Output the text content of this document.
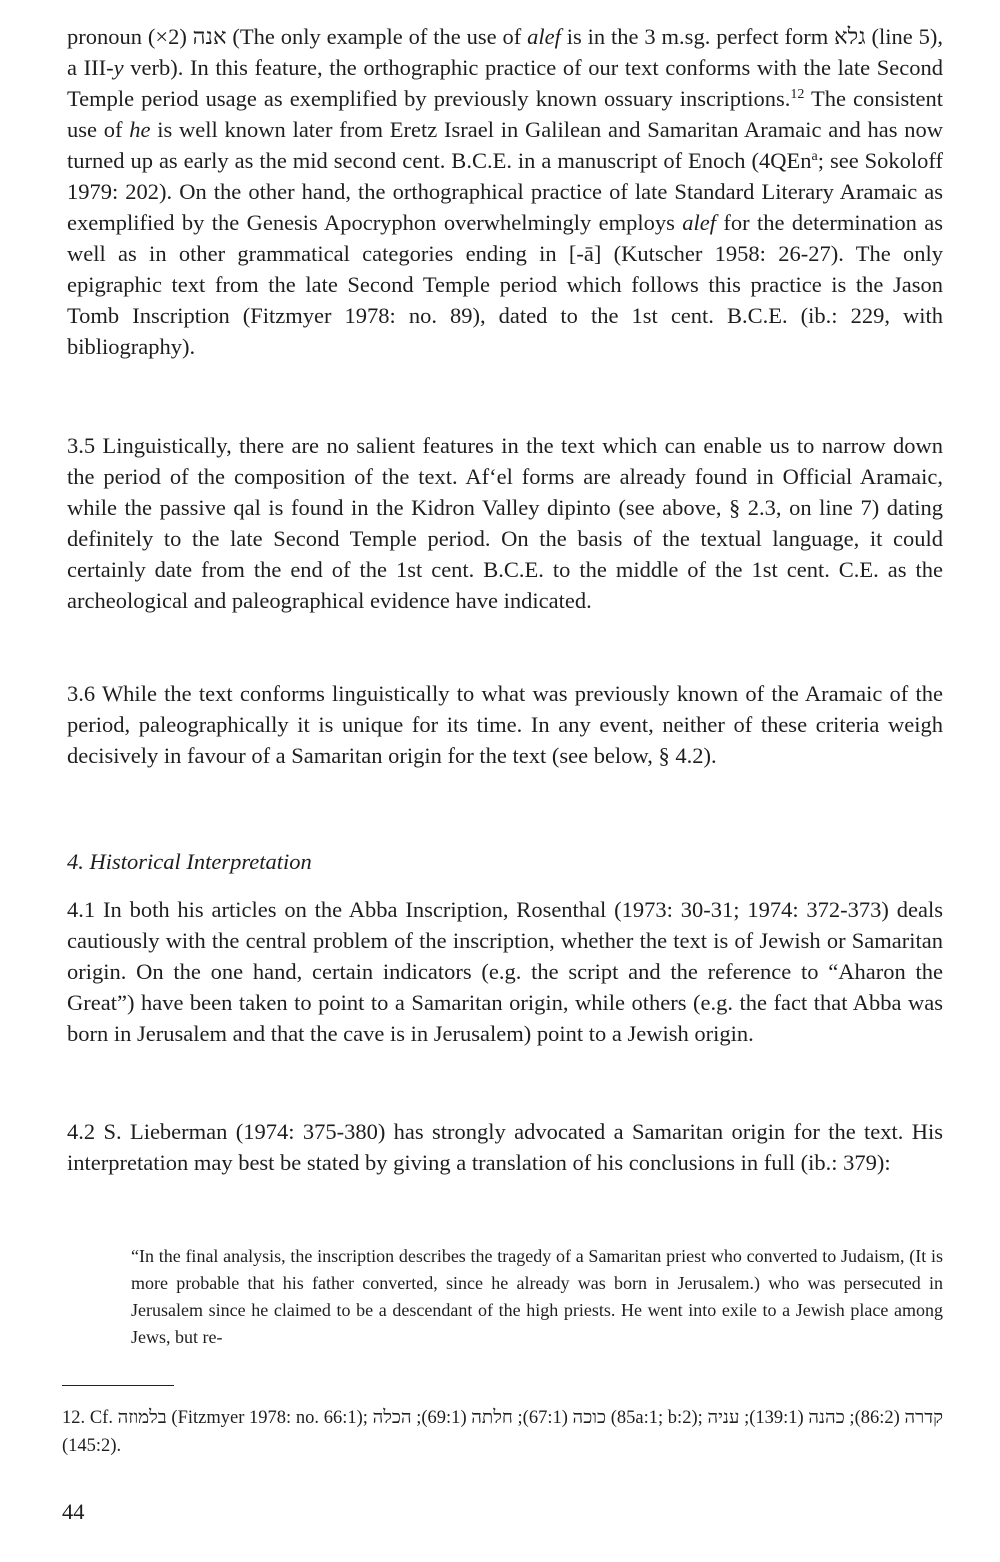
pronoun אנה (2×) (The only example of the use of alef is in the 3 m.sg. perfect form גלא (line 5), a III-y verb). In this feature, the orthographic practice of our text conforms with the late Second Temple period usage as exemplified by previously known ossuary inscriptions.$^{12}$ The consistent use of he is well known later from Eretz Israel in Galilean and Samaritan Aramaic and has now turned up as early as the mid second cent. B.C.E. in a manuscript of Enoch (4QEn$^a$; see Sokoloff 1979: 202). On the other hand, the orthographical practice of late Standard Literary Aramaic as exemplified by the Genesis Apocryphon overwhelmingly employs alef for the determination as well as in other grammatical categories ending in [-ā] (Kutscher 1958: 26-27). The only epigraphic text from the late Second Temple period which follows this practice is the Jason Tomb Inscription (Fitzmyer 1978: no. 89), dated to the 1st cent. B.C.E. (ib.: 229, with bibliography).

3.5 Linguistically, there are no salient features in the text which can enable us to narrow down the period of the composition of the text. Af‘el forms are already found in Official Aramaic, while the passive qal is found in the Kidron Valley dipinto (see above, § 2.3, on line 7) dating definitely to the late Second Temple period. On the basis of the textual language, it could certainly date from the end of the 1st cent. B.C.E. to the middle of the 1st cent. C.E. as the archeological and paleographical evidence have indicated.

3.6 While the text conforms linguistically to what was previously known of the Aramaic of the period, paleographically it is unique for its time. In any event, neither of these criteria weigh decisively in favour of a Samaritan origin for the text (see below, § 4.2).

4. Historical Interpretation

4.1 In both his articles on the Abba Inscription, Rosenthal (1973: 30-31; 1974: 372-373) deals cautiously with the central problem of the inscription, whether the text is of Jewish or Samaritan origin. On the one hand, certain indicators (e.g. the script and the reference to “Aharon the Great”) have been taken to point to a Samaritan origin, while others (e.g. the fact that Abba was born in Jerusalem and that the cave is in Jerusalem) point to a Jewish origin.

4.2 S. Lieberman (1974: 375-380) has strongly advocated a Samaritan origin for the text. His interpretation may best be stated by giving a translation of his conclusions in full (ib.: 379):

“In the final analysis, the inscription describes the tragedy of a Samaritan priest who converted to Judaism, (It is more probable that his father converted, since he already was born in Jerusalem.) who was persecuted in Jerusalem since he claimed to be a descendant of the high priests. He went into exile to a Jewish place among Jews, but re-

12. Cf. בלמוזה (Fitzmyer 1978: no. 66:1); כוכה (67:1); חלתה (69:1); הכלה (85a:1; b:2); קדרה (86:2); כהנה (139:1); עניה (145:2).

44
